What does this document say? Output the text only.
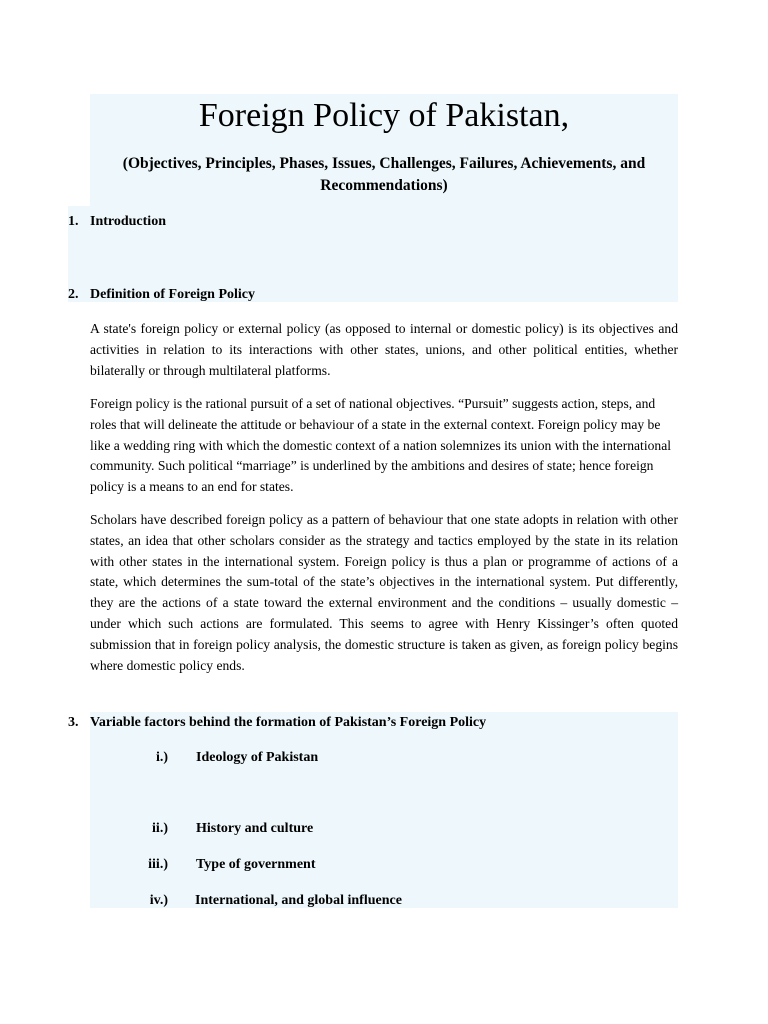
Foreign Policy of Pakistan,

(Objectives, Principles, Phases, Issues, Challenges, Failures, Achievements, and Recommendations)

1. Introduction

2. Definition of Foreign Policy

A state's foreign policy or external policy (as opposed to internal or domestic policy) is its objectives and activities in relation to its interactions with other states, unions, and other political entities, whether bilaterally or through multilateral platforms.

Foreign policy is the rational pursuit of a set of national objectives. “Pursuit” suggests action, steps, and roles that will delineate the attitude or behaviour of a state in the external context. Foreign policy may be like a wedding ring with which the domestic context of a nation solemnizes its union with the international community. Such political “marriage” is underlined by the ambitions and desires of state; hence foreign policy is a means to an end for states.

Scholars have described foreign policy as a pattern of behaviour that one state adopts in relation with other states, an idea that other scholars consider as the strategy and tactics employed by the state in its relation with other states in the international system. Foreign policy is thus a plan or programme of actions of a state, which determines the sum-total of the state’s objectives in the international system. Put differently, they are the actions of a state toward the external environment and the conditions – usually domestic – under which such actions are formulated. This seems to agree with Henry Kissinger’s often quoted submission that in foreign policy analysis, the domestic structure is taken as given, as foreign policy begins where domestic policy ends.

3. Variable factors behind the formation of Pakistan’s Foreign Policy

i.) Ideology of Pakistan

ii.) History and culture

iii.) Type of government

iv.) International, and global influence
